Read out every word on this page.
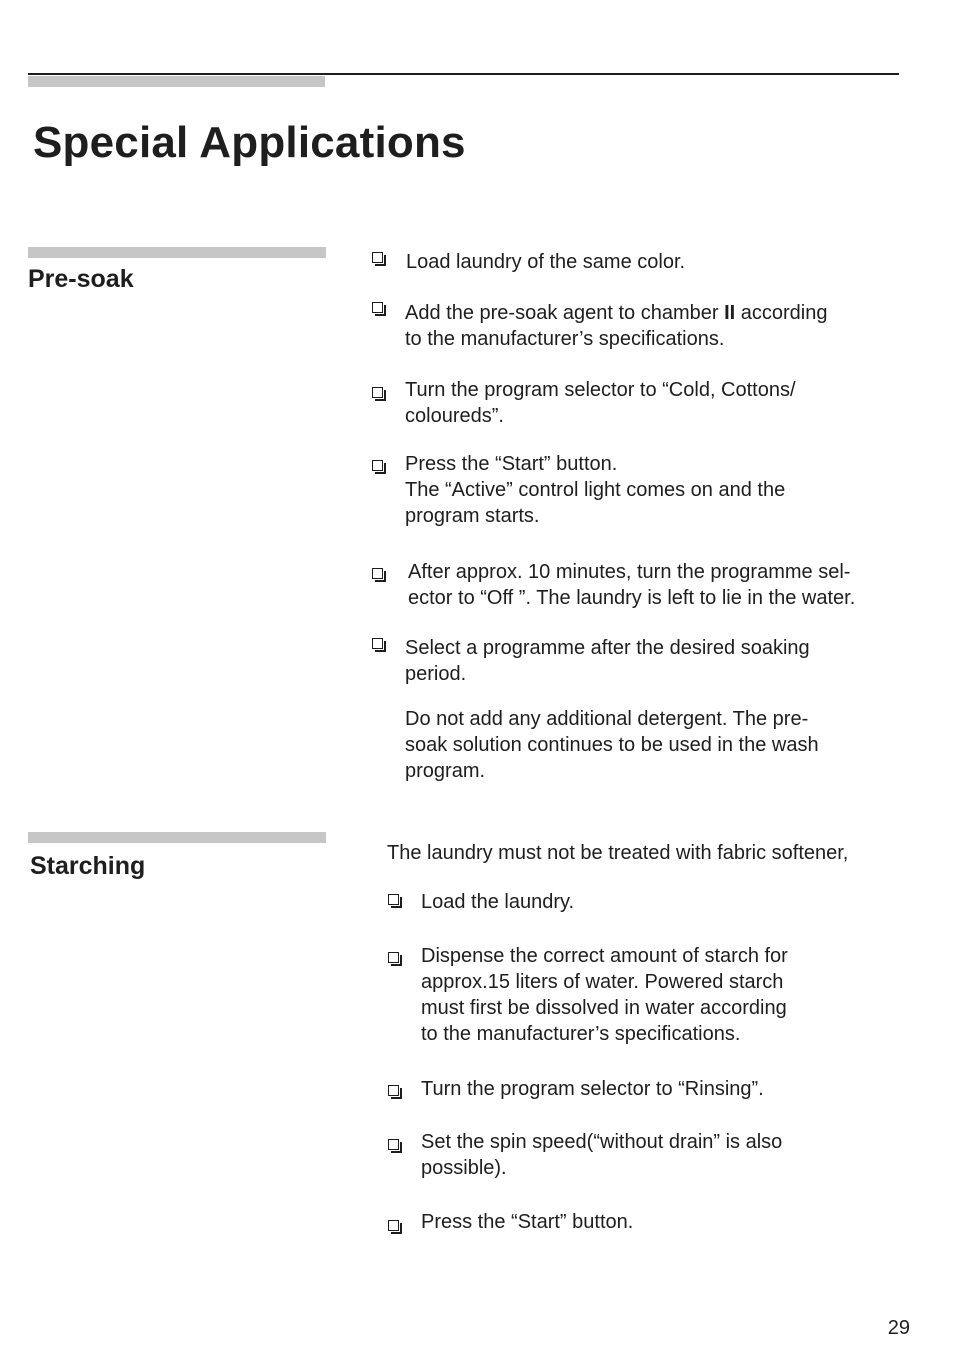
Special Applications
Pre-soak
Load laundry of the same color.
Add the pre-soak agent to chamber II according
to the manufacturer’s specifications.
Turn the program selector to “Cold, Cottons/
coloureds”.
Press the “Start” button.
The “Active” control light comes on and the
program starts.
After approx. 10 minutes, turn the programme sel-
ector to “Off ”. The laundry is left to lie in the water.
Select a programme after the desired soaking
period.
Do not add any additional detergent. The pre-
soak solution continues to be used in the wash
program.
Starching	The laundry must not be treated with fabric softener,
Load the laundry.
Dispense the correct amount of starch for
approx.15 liters of water. Powered starch
must first be dissolved in water according
to the manufacturer’s specifications.
Turn the program selector to “Rinsing”.
Set the spin speed(“without drain” is also
possible).
Press the “Start” button.
29
